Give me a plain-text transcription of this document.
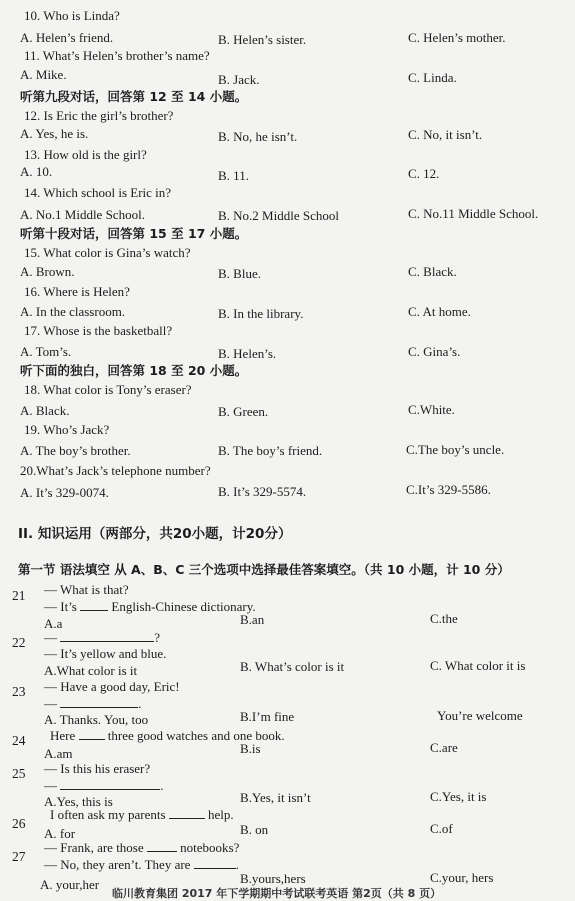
10. Who is Linda?
A. Helen’s friend.	B. Helen’s sister.	C. Helen’s mother.
11. What’s Helen’s brother’s name?
A. Mike.	B. Jack.	C. Linda.
听第九段对话，回答第 12 至 14 小题。
12. Is Eric the girl’s brother?
A. Yes, he is.	B. No, he isn’t.	C. No, it isn’t.
13. How old is the girl?
A. 10.	B. 11.	C. 12.
14. Which school is Eric in?
A. No.1 Middle School.	B. No.2 Middle School	C. No.11 Middle School.
听第十段对话，回答第 15 至 17 小题。
15. What color is Gina’s watch?
A. Brown.	B. Blue.	C. Black.
16. Where is Helen?
A. In the classroom.	B. In the library.	C. At home.
17. Whose is the basketball?
A. Tom’s.	B. Helen’s.	C. Gina’s.
听下面的独白，回答第 18 至 20 小题。
18. What color is Tony’s eraser?
A. Black.	B. Green.	C.White.
19. Who’s Jack?
A. The boy’s brother.	B. The boy’s friend.	C.The boy’s uncle.
20.What’s Jack’s telephone number?
A. It’s 329-0074.	B. It’s 329-5574.	C.It’s 329-5586.
II. 知识运用（两部分，共20小题，计20分）
第一节 语法填空 从 A、B、C 三个选项中选择最佳答案填空。（共 10 小题，计 10 分）
21 — What is that?
— It’s	English-Chinese dictionary.
A.a	B.an	C.the
22 —	?
— It’s yellow and blue.
A.What color is it	B. What’s color is it	C. What color it is
23 — Have a good day, Eric!
—	.
A. Thanks. You, too	B.I’m fine	You’re welcome
24 Here	three good watches and one book.
A.am	B.is	C.are
25 — Is this his eraser?
—	.
A.Yes, this is	B.Yes, it isn’t	C.Yes, it is
26
I often ask my parents	help.
A. for	B. on	C.of
27
— Frank, are those	notebooks?
— No, they aren’t. They are	.
A. your,her	B.yours,hers	C.your, hers
临川教育集团 2017 年下学期期中考试联考英语 第2页（共 8 页）
